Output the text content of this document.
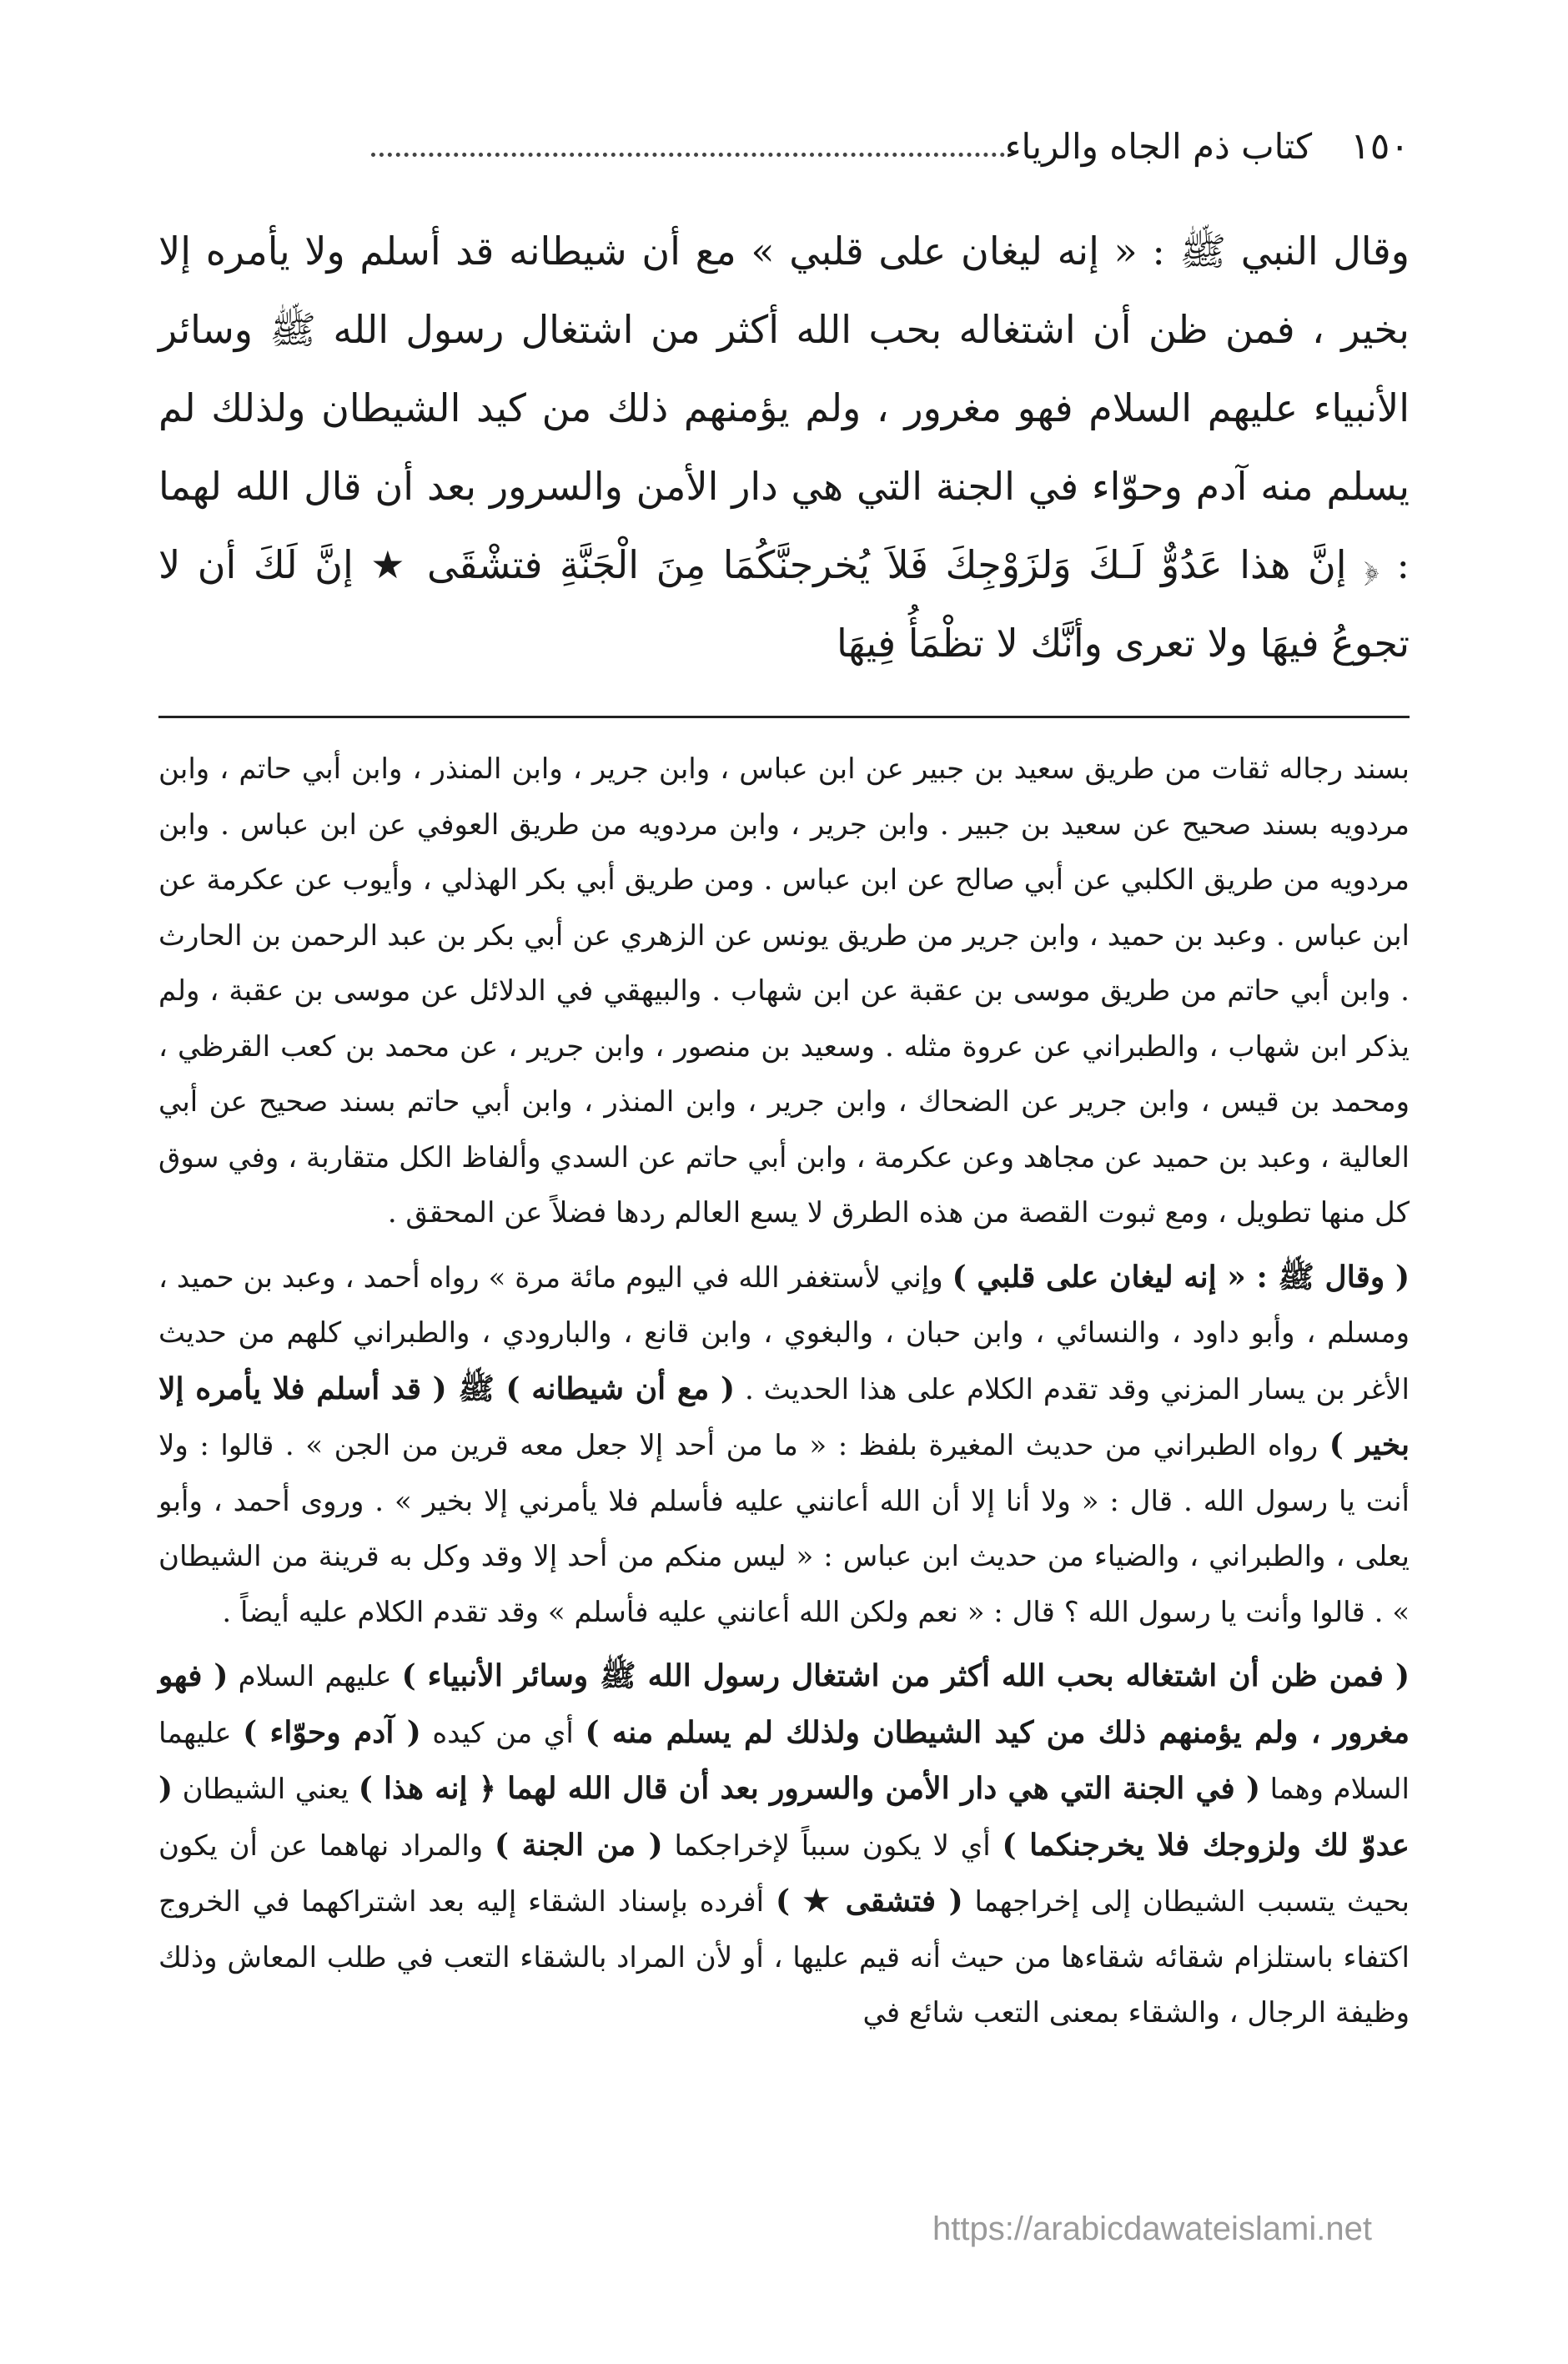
١٥٠
كتاب ذم الجاه والرياء

وقال النبي ﷺ : « إنه ليغان على قلبي » مع أن شيطانه قد أسلم ولا يأمره إلا بخير ، فمن ظن أن اشتغاله بحب الله أكثر من اشتغال رسول الله ﷺ وسائر الأنبياء عليهم السلام فهو مغرور ، ولم يؤمنهم ذلك من كيد الشيطان ولذلك لم يسلم منه آدم وحوّاء في الجنة التي هي دار الأمن والسرور بعد أن قال الله لهما : ﴿ إنَّ هذا عَدُوٌّ لَـكَ وَلزَوْجِكَ فَلاَ يُخرجنَّكُمَا مِنَ الْجَنَّةِ فتشْقَى ★ إنَّ لَكَ أن لا تجوعُ فيهَا ولا تعرى وأنَّك لا تظْمَأُ فِيهَا

بسند رجاله ثقات من طريق سعيد بن جبير عن ابن عباس ، وابن جرير ، وابن المنذر ، وابن أبي حاتم ، وابن مردويه بسند صحيح عن سعيد بن جبير . وابن جرير ، وابن مردويه من طريق العوفي عن ابن عباس . وابن مردويه من طريق الكلبي عن أبي صالح عن ابن عباس . ومن طريق أبي بكر الهذلي ، وأيوب عن عكرمة عن ابن عباس . وعبد بن حميد ، وابن جرير من طريق يونس عن الزهري عن أبي بكر بن عبد الرحمن بن الحارث . وابن أبي حاتم من طريق موسى بن عقبة عن ابن شهاب . والبيهقي في الدلائل عن موسى بن عقبة ، ولم يذكر ابن شهاب ، والطبراني عن عروة مثله . وسعيد بن منصور ، وابن جرير ، عن محمد بن كعب القرظي ، ومحمد بن قيس ، وابن جرير عن الضحاك ، وابن جرير ، وابن المنذر ، وابن أبي حاتم بسند صحيح عن أبي العالية ، وعبد بن حميد عن مجاهد وعن عكرمة ، وابن أبي حاتم عن السدي وألفاظ الكل متقاربة ، وفي سوق كل منها تطويل ، ومع ثبوت القصة من هذه الطرق لا يسع العالم ردها فضلاً عن المحقق .

( وقال ﷺ : « إنه ليغان على قلبي ) وإني لأستغفر الله في اليوم مائة مرة » رواه أحمد ، وعبد بن حميد ، ومسلم ، وأبو داود ، والنسائي ، وابن حبان ، والبغوي ، وابن قانع ، والبارودي ، والطبراني كلهم من حديث الأغر بن يسار المزني وقد تقدم الكلام على هذا الحديث . ( مع أن شيطانه ) ﷺ ( قد أسلم فلا يأمره إلا بخير ) رواه الطبراني من حديث المغيرة بلفظ : « ما من أحد إلا جعل معه قرين من الجن » . قالوا : ولا أنت يا رسول الله . قال : « ولا أنا إلا أن الله أعانني عليه فأسلم فلا يأمرني إلا بخير » . وروى أحمد ، وأبو يعلى ، والطبراني ، والضياء من حديث ابن عباس : « ليس منكم من أحد إلا وقد وكل به قرينة من الشيطان » . قالوا وأنت يا رسول الله ؟ قال : « نعم ولكن الله أعانني عليه فأسلم » وقد تقدم الكلام عليه أيضاً .

( فمن ظن أن اشتغاله بحب الله أكثر من اشتغال رسول الله ﷺ وسائر الأنبياء ) عليهم السلام ( فهو مغرور ، ولم يؤمنهم ذلك من كيد الشيطان ولذلك لم يسلم منه ) أي من كيده ( آدم وحوّاء ) عليهما السلام وهما ( في الجنة التي هي دار الأمن والسرور بعد أن قال الله لهما ﴿ إنه هذا ) يعني الشيطان ( عدوّ لك ولزوجك فلا يخرجنكما ) أي لا يكون سبباً لإخراجكما ( من الجنة ) والمراد نهاهما عن أن يكون بحيث يتسبب الشيطان إلى إخراجهما ( فتشقى ★ ) أفرده بإسناد الشقاء إليه بعد اشتراكهما في الخروج اكتفاء باستلزام شقائه شقاءها من حيث أنه قيم عليها ، أو لأن المراد بالشقاء التعب في طلب المعاش وذلك وظيفة الرجال ، والشقاء بمعنى التعب شائع في

https://arabicdawateislami.net
